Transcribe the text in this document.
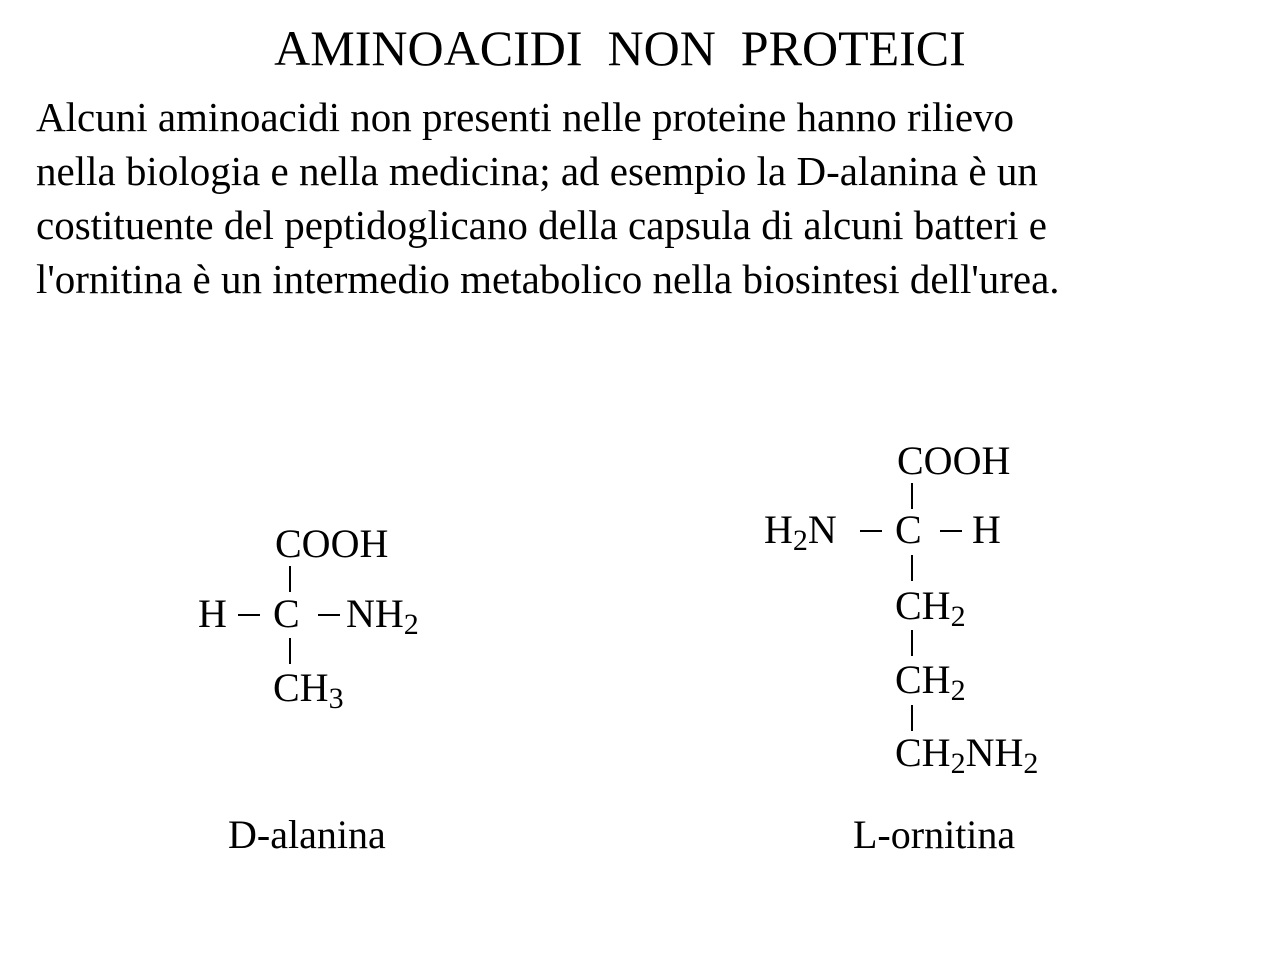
AMINOACIDI  NON  PROTEICI
Alcuni aminoacidi non presenti nelle proteine hanno rilievo
nella biologia e nella medicina; ad esempio la D-alanina è un
costituente del peptidoglicano della capsula di alcuni batteri e
l'ornitina è un intermedio metabolico nella biosintesi dell'urea.
COOH
H C $NH_2$
$CH_3$
D-alanina
COOH
$H_2N$ C H
$CH_2$
$CH_2$
$CH_2NH_2$
L-ornitina
